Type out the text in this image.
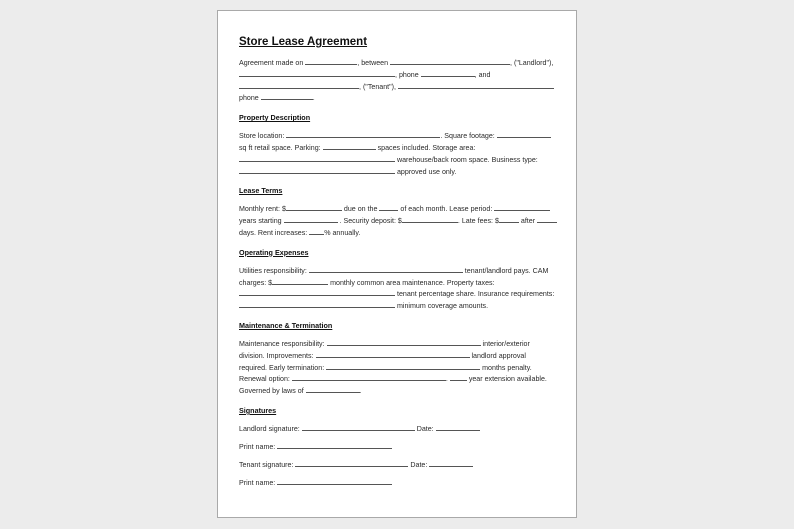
Store Lease Agreement

Agreement made on	, between	, ("Landlord"),

, phone	, and

, ("Tenant"),

phone	.

Property Description

Store location:	. Square footage:

sq ft retail space. Parking:	spaces included. Storage area:

warehouse/back room space. Business type:

approved use only.

Lease Terms

Monthly rent: $	due on the	of each month. Lease period:

years starting	. Security deposit: $	. Late fees: $	after

days. Rent increases: % annually.

Operating Expenses

Utilities responsibility:	tenant/landlord pays. CAM

charges: $	monthly common area maintenance. Property taxes:

tenant percentage share. Insurance requirements:

minimum coverage amounts.

Maintenance & Termination

Maintenance responsibility:	interior/exterior

division. Improvements:	landlord approval

required. Early termination:	months penalty.

Renewal option:	.	year extension available.

Governed by laws of	.

Signatures

Landlord signature:	Date:

Print name:

Tenant signature:	Date:

Print name:
